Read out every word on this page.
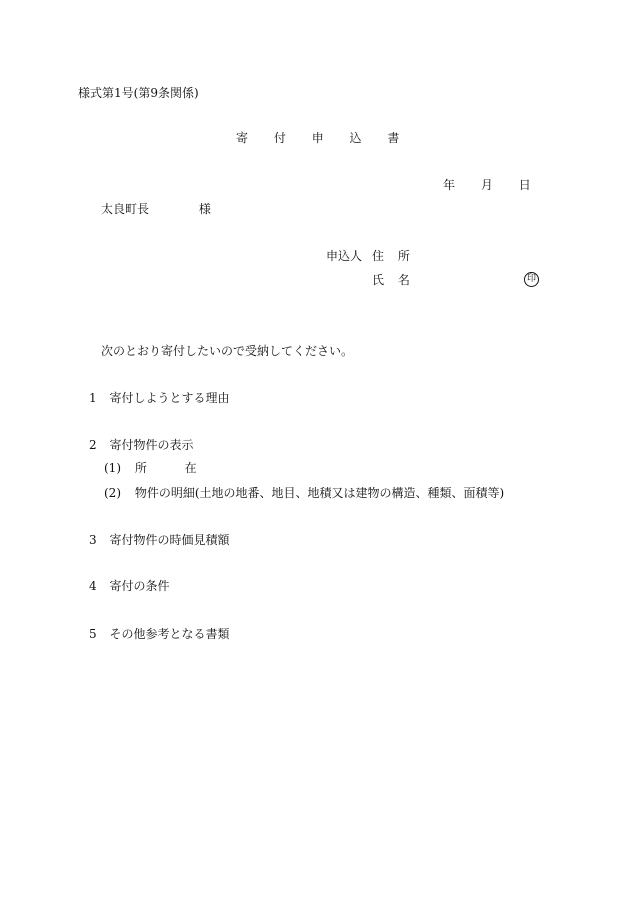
様式第1号(第9条関係)
寄 付 申 込 書
年 月 日
太良町長	様
申込人 住 所
氏 名	印
次のとおり寄付したいので受納してください。
1 寄付しようとする理由
2 寄付物件の表示
(1) 所	在
(2) 物件の明細(土地の地番、地目、地積又は建物の構造、種類、面積等)
3 寄付物件の時価見積額
4 寄付の条件
5 その他参考となる書類
